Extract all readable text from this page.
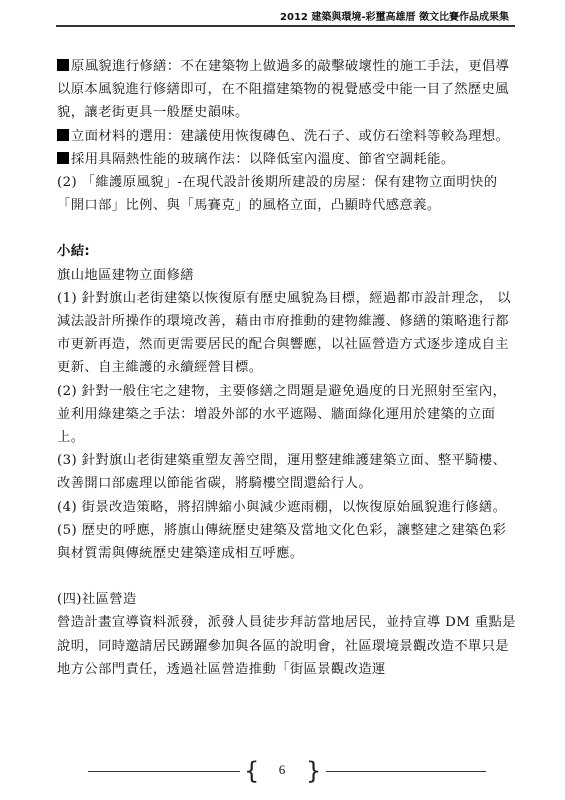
2012 建築與環境-彩璽高雄厝 徵文比賽作品成果集

原風貌進行修繕：不在建築物上做過多的敲擊破壞性的施工手法，更倡導以原本風貌進行修繕即可，在不阻擋建築物的視覺感受中能一目了然歷史風貌，讓老街更具一般歷史韻味。

立面材料的選用：建議使用恢復磚色、洗石子、或仿石塗料等較為理想。

採用具隔熱性能的玻璃作法：以降低室內溫度、節省空調耗能。

(2) 「維護原風貌」-在現代設計後期所建設的房屋：保有建物立面明快的「開口部」比例、與「馬賽克」的風格立面，凸顯時代感意義。

小結:

旗山地區建物立面修繕

(1) 針對旗山老街建築以恢復原有歷史風貌為目標，經過都市設計理念， 以減法設計所操作的環境改善，藉由市府推動的建物維護、修繕的策略進行都市更新再造，然而更需要居民的配合與響應，以社區營造方式逐步達成自主更新、自主維護的永續經營目標。

(2) 針對一般住宅之建物，主要修繕之問題是避免過度的日光照射至室內，並利用綠建築之手法：增設外部的水平遮陽、牆面綠化運用於建築的立面上。

(3) 針對旗山老街建築重塑友善空間，運用整建維護建築立面、整平騎樓、改善開口部處理以節能省碳，將騎樓空間還給行人。

(4) 街景改造策略，將招牌縮小與減少遮雨棚，以恢復原始風貌進行修繕。

(5) 歷史的呼應，將旗山傳統歷史建築及當地文化色彩，讓整建之建築色彩與材質需與傳統歷史建築達成相互呼應。

(四)社區營造

營造計畫宣導資料派發，派發人員徒步拜訪當地居民，並持宣導 DM 重點是說明，同時邀請居民踴躍參加與各區的說明會，社區環境景觀改造不單只是地方公部門責任，透過社區營造推動「街區景觀改造運

{	6 }
